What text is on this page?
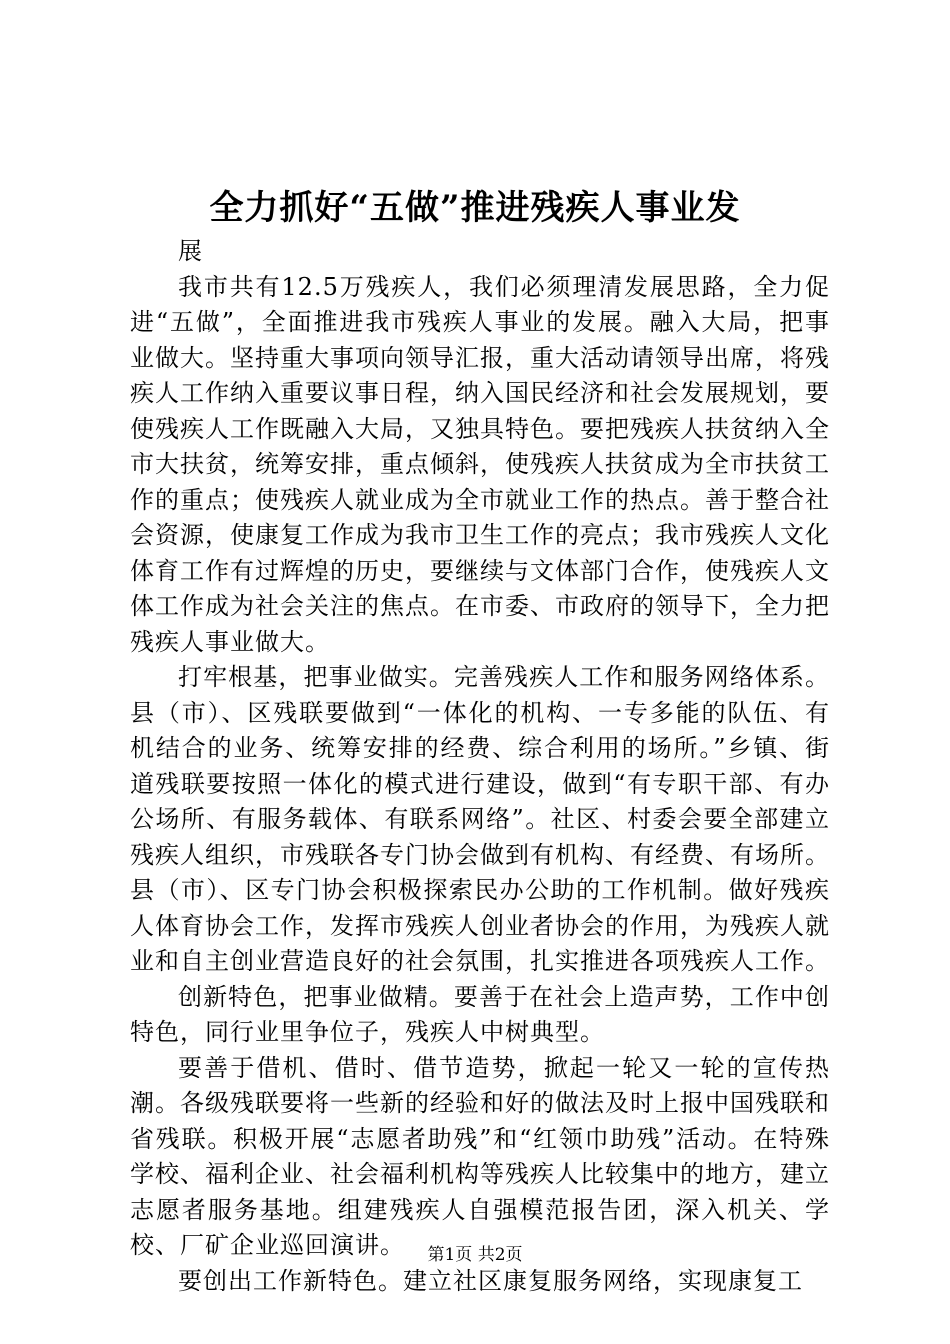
全力抓好“五做”推进残疾人事业发

展

我市共有12.5万残疾人，我们必须理清发展思路，全力促进“五做”，全面推进我市残疾人事业的发展。融入大局，把事业做大。坚持重大事项向领导汇报，重大活动请领导出席，将残疾人工作纳入重要议事日程，纳入国民经济和社会发展规划，要使残疾人工作既融入大局，又独具特色。要把残疾人扶贫纳入全市大扶贫，统筹安排，重点倾斜，使残疾人扶贫成为全市扶贫工作的重点；使残疾人就业成为全市就业工作的热点。善于整合社会资源，使康复工作成为我市卫生工作的亮点；我市残疾人文化体育工作有过辉煌的历史，要继续与文体部门合作，使残疾人文体工作成为社会关注的焦点。在市委、市政府的领导下，全力把残疾人事业做大。

打牢根基，把事业做实。完善残疾人工作和服务网络体系。县（市）、区残联要做到“一体化的机构、一专多能的队伍、有机结合的业务、统筹安排的经费、综合利用的场所。”乡镇、街道残联要按照一体化的模式进行建设，做到“有专职干部、有办公场所、有服务载体、有联系网络”。社区、村委会要全部建立残疾人组织，市残联各专门协会做到有机构、有经费、有场所。县（市）、区专门协会积极探索民办公助的工作机制。做好残疾人体育协会工作，发挥市残疾人创业者协会的作用，为残疾人就业和自主创业营造良好的社会氛围，扎实推进各项残疾人工作。

创新特色，把事业做精。要善于在社会上造声势，工作中创特色，同行业里争位子，残疾人中树典型。

要善于借机、借时、借节造势，掀起一轮又一轮的宣传热潮。各级残联要将一些新的经验和好的做法及时上报中国残联和省残联。积极开展“志愿者助残”和“红领巾助残”活动。在特殊学校、福利企业、社会福利机构等残疾人比较集中的地方，建立志愿者服务基地。组建残疾人自强模范报告团，深入机关、学校、厂矿企业巡回演讲。

要创出工作新特色。建立社区康复服务网络，实现康复工

第1页 共2页
